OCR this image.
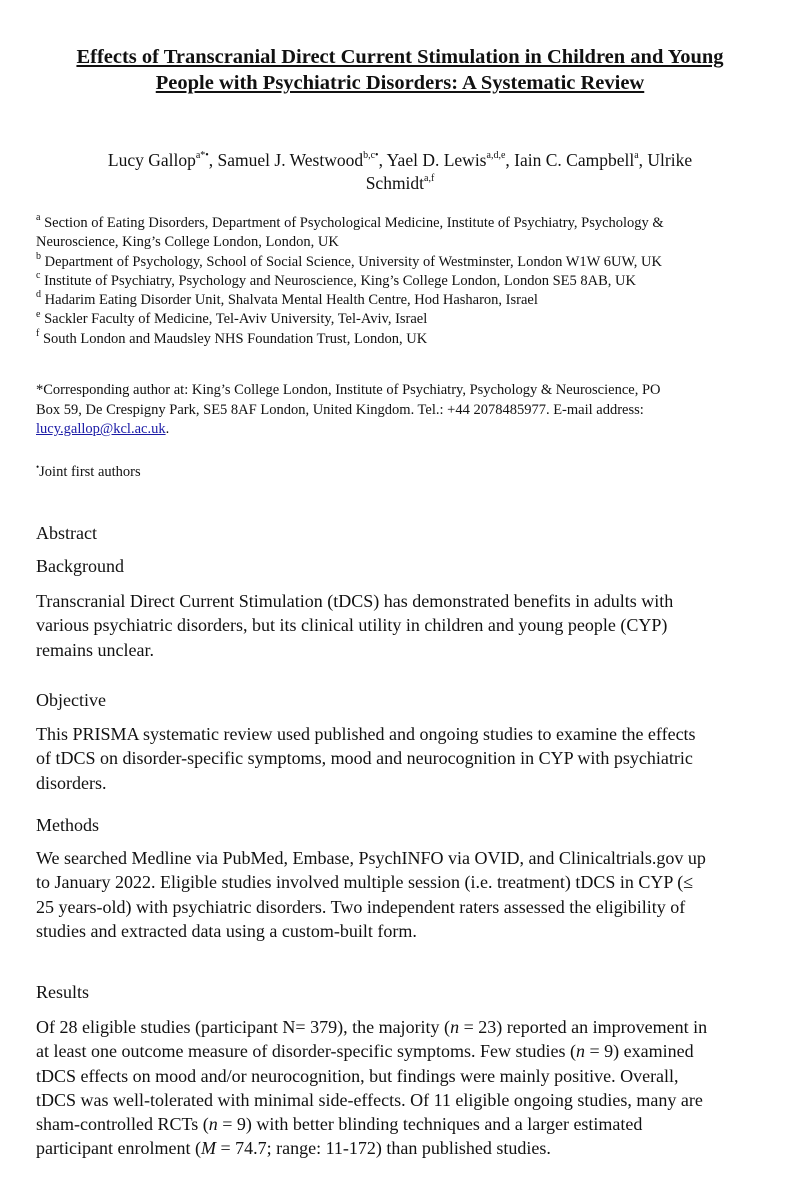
Effects of Transcranial Direct Current Stimulation in Children and Young
People with Psychiatric Disorders: A Systematic Review

Lucy Gallop$^{a*•}$, Samuel J. Westwood$^{b,c•}$, Yael D. Lewis$^{a,d,e}$, Iain C. Campbell$^a$, Ulrike
Schmidt$^{a,f}$

$^a$ Section of Eating Disorders, Department of Psychological Medicine, Institute of Psychiatry, Psychology &
Neuroscience, King’s College London, London, UK

$^b$ Department of Psychology, School of Social Science, University of Westminster, London W1W 6UW, UK

$^c$ Institute of Psychiatry, Psychology and Neuroscience, King’s College London, London SE5 8AB, UK

$^d$ Hadarim Eating Disorder Unit, Shalvata Mental Health Centre, Hod Hasharon, Israel

$^e$ Sackler Faculty of Medicine, Tel-Aviv University, Tel-Aviv, Israel

$^f$ South London and Maudsley NHS Foundation Trust, London, UK

*Corresponding author at: King’s College London, Institute of Psychiatry, Psychology & Neuroscience, PO
Box 59, De Crespigny Park, SE5 8AF London, United Kingdom. Tel.: +44 2078485977. E-mail address:
lucy.gallop@kcl.ac.uk.

•Joint first authors

Abstract
Background

Transcranial Direct Current Stimulation (tDCS) has demonstrated benefits in adults with
various psychiatric disorders, but its clinical utility in children and young people (CYP)
remains unclear.

Objective

This PRISMA systematic review used published and ongoing studies to examine the effects
of tDCS on disorder-specific symptoms, mood and neurocognition in CYP with psychiatric
disorders.

Methods

We searched Medline via PubMed, Embase, PsychINFO via OVID, and Clinicaltrials.gov up
to January 2022. Eligible studies involved multiple session (i.e. treatment) tDCS in CYP (≤
25 years-old) with psychiatric disorders. Two independent raters assessed the eligibility of
studies and extracted data using a custom-built form.

Results

Of 28 eligible studies (participant N= 379), the majority (n = 23) reported an improvement in
at least one outcome measure of disorder-specific symptoms. Few studies (n = 9) examined
tDCS effects on mood and/or neurocognition, but findings were mainly positive. Overall,
tDCS was well-tolerated with minimal side-effects. Of 11 eligible ongoing studies, many are
sham-controlled RCTs (n = 9) with better blinding techniques and a larger estimated
participant enrolment (M = 74.7; range: 11-172) than published studies.
